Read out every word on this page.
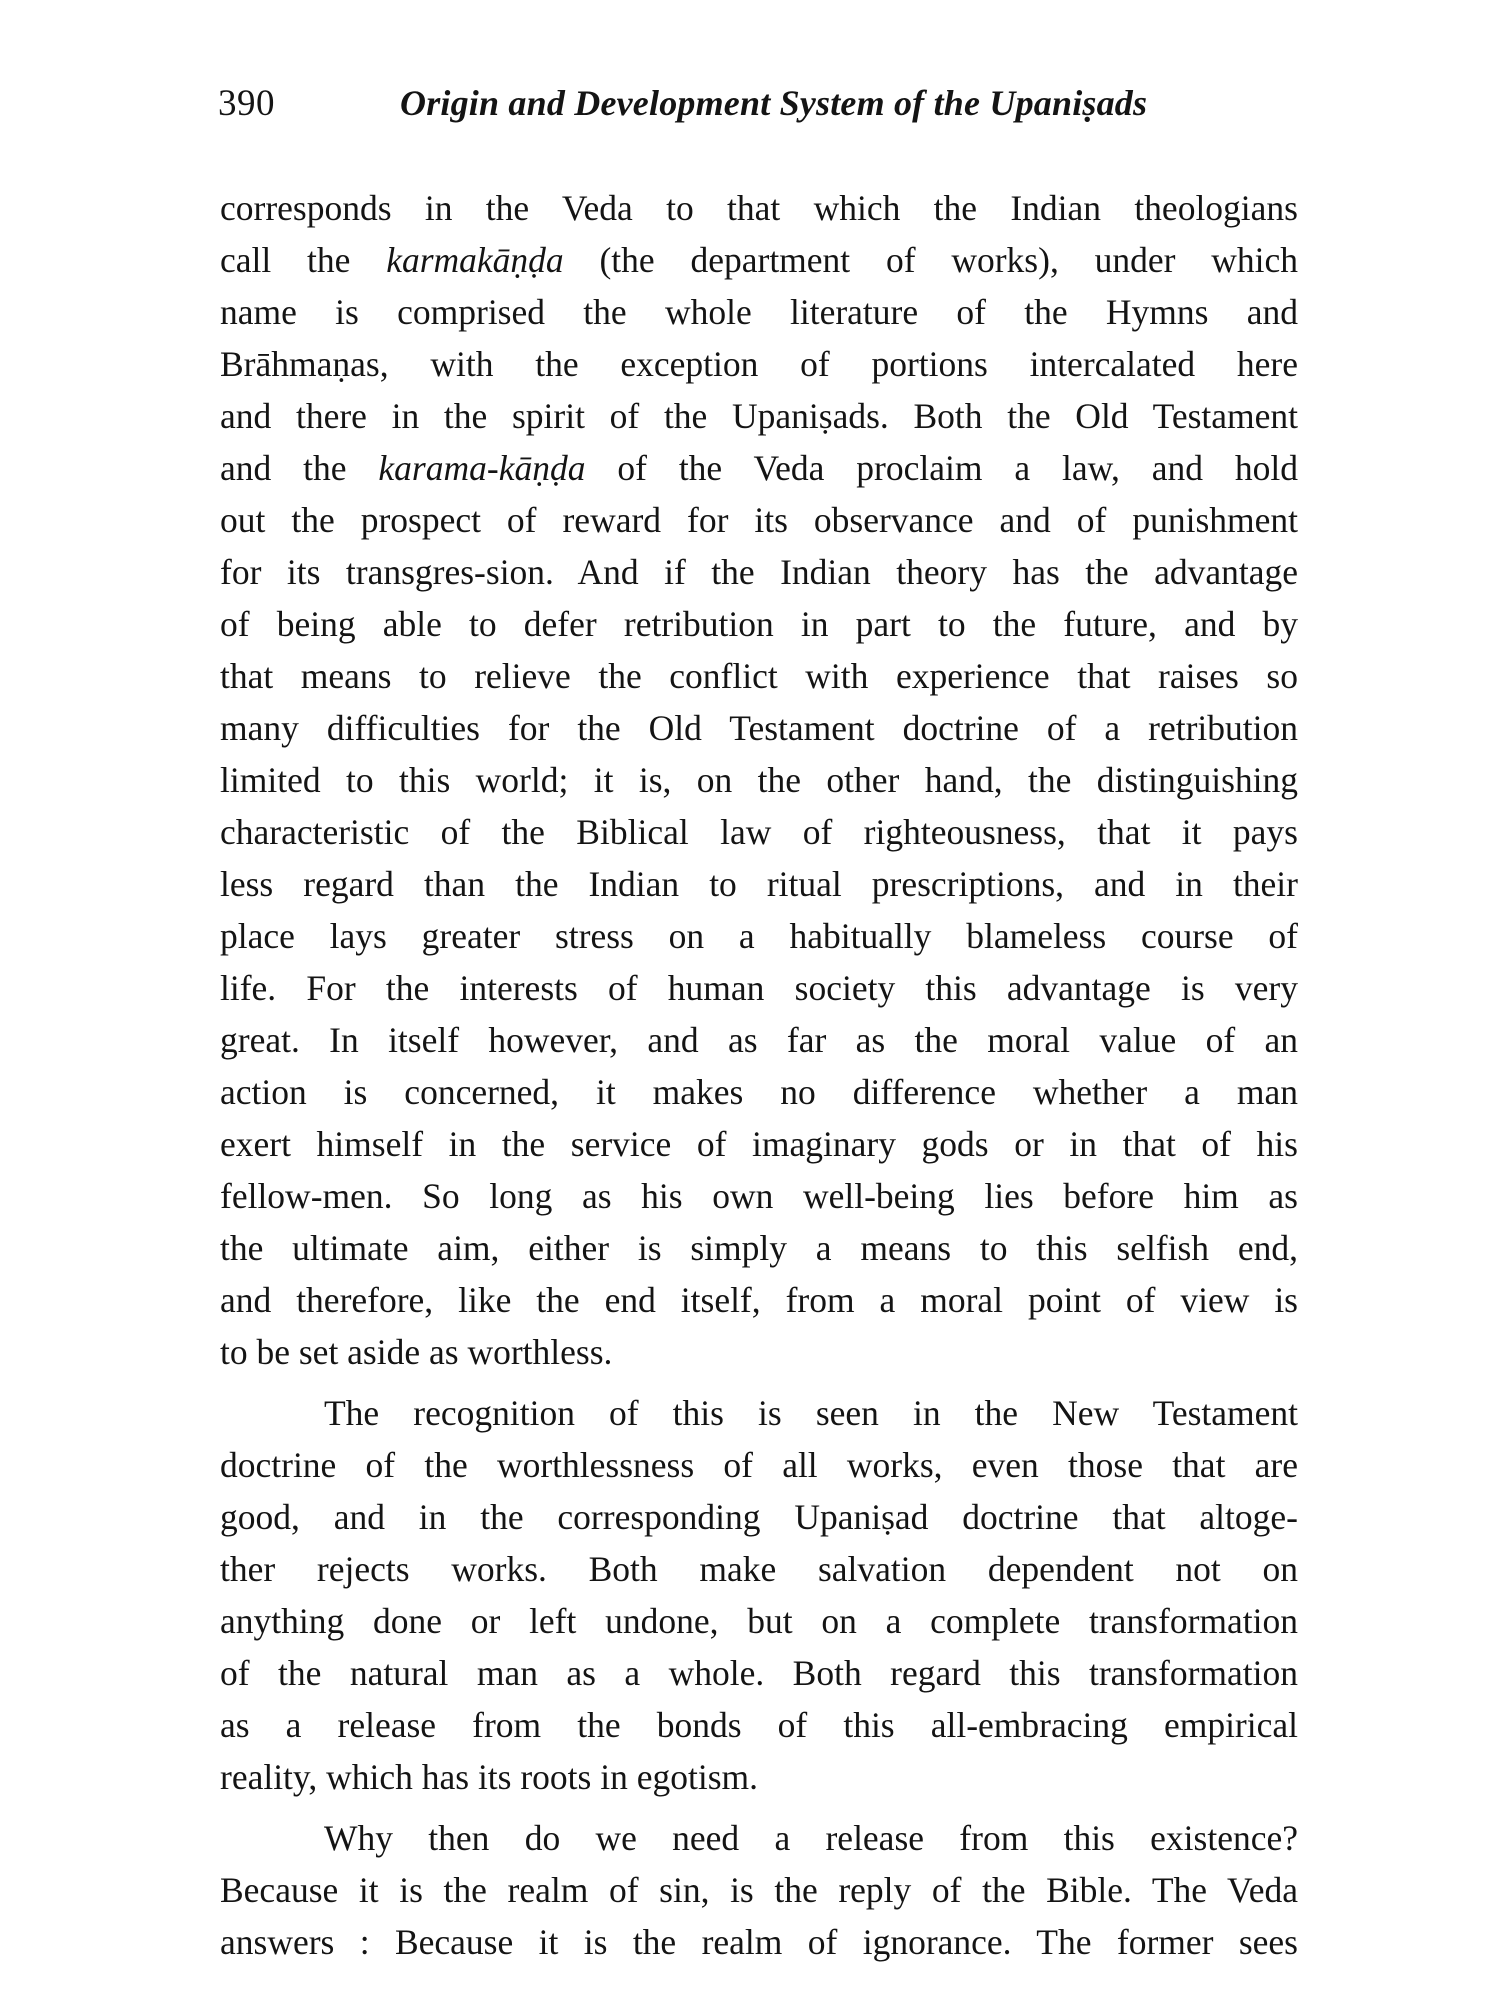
390	Origin and Development System of the Upaniṣads
corresponds in the Veda to that which the Indian theologians
call the karmakāṇḍa (the department of works), under which
name is comprised the whole literature of the Hymns and
Brāhmaṇas, with the exception of portions intercalated here
and there in the spirit of the Upaniṣads. Both the Old Testament
and the karama-kāṇḍa of the Veda proclaim a law, and hold
out the prospect of reward for its observance and of punishment
for its transgres-sion. And if the Indian theory has the advantage
of being able to defer retribution in part to the future, and by
that means to relieve the conflict with experience that raises so
many difficulties for the Old Testament doctrine of a retribution
limited to this world; it is, on the other hand, the distinguishing
characteristic of the Biblical law of righteousness, that it pays
less regard than the Indian to ritual prescriptions, and in their
place lays greater stress on a habitually blameless course of
life. For the interests of human society this advantage is very
great. In itself however, and as far as the moral value of an
action is concerned, it makes no difference whether a man
exert himself in the service of imaginary gods or in that of his
fellow-men. So long as his own well-being lies before him as
the ultimate aim, either is simply a means to this selfish end,
and therefore, like the end itself, from a moral point of view is
to be set aside as worthless.
The recognition of this is seen in the New Testament
doctrine of the worthlessness of all works, even those that are
good, and in the corresponding Upaniṣad doctrine that altoge-
ther rejects works. Both make salvation dependent not on
anything done or left undone, but on a complete transformation
of the natural man as a whole. Both regard this transformation
as a release from the bonds of this all-embracing empirical
reality, which has its roots in egotism.
Why then do we need a release from this existence?
Because it is the realm of sin, is the reply of the Bible. The Veda
answers : Because it is the realm of ignorance. The former sees
